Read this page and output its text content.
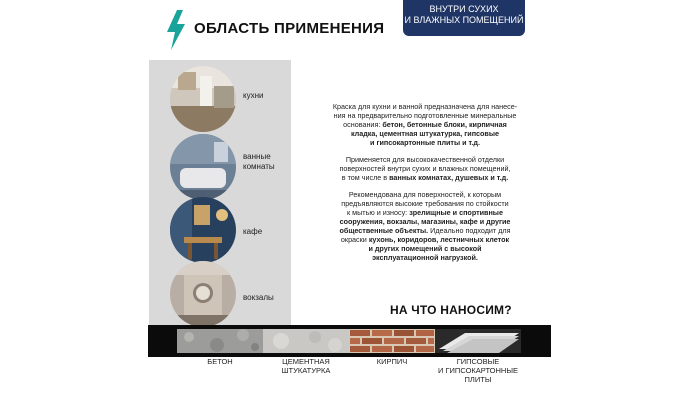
ОБЛАСТЬ ПРИМЕНЕНИЯ
ВНУТРИ СУХИХ
И ВЛАЖНЫХ ПОМЕЩЕНИЙ
кухни
ванные
комнаты
кафе
вокзалы

Краска для кухни и ванной предназначена для нанесе-
ния на предварительно подготовленные минеральные
основания: бетон, бетонные блоки, кирпичная
кладка, цементная штукатурка, гипсовые
и гипсокартонные плиты и т.д.

Применяется для высококачественной отделки
поверхностей внутри сухих и влажных помещений,
в том числе в ванных комнатах, душевых и т.д.

Рекомендована для поверхностей, к которым
предъявляются высокие требования по стойкости
к мытью и износу: зрелищные и спортивные
сооружения, вокзалы, магазины, кафе и другие
общественные объекты. Идеально подходит для
окраски кухонь, коридоров, лестничных клеток
и других помещений с высокой
эксплуатационной нагрузкой.

НА ЧТО НАНОСИМ?
БЕТОН	ЦЕМЕНТНАЯ
ШТУКАТУРКА
КИРПИЧ	ГИПСОВЫЕ
И ГИПСОКАРТОННЫЕ
ПЛИТЫ
